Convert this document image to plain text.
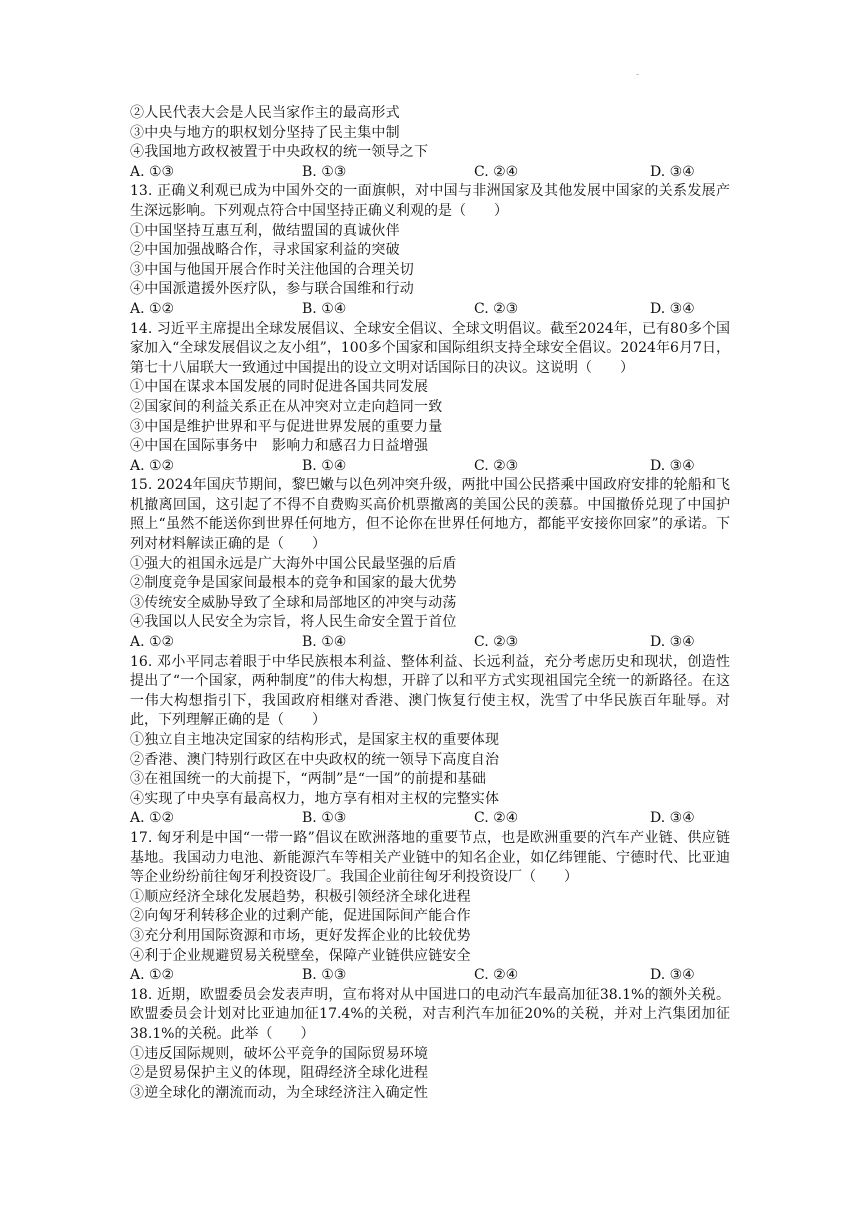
②人民代表大会是人民当家作主的最高形式
③中央与地方的职权划分坚持了民主集中制
④我国地方政权被置于中央政权的统一领导之下
A. ①③	B. ①③	C. ②④	D. ③④
13. 正确义利观已成为中国外交的一面旗帜，对中国与非洲国家及其他发展中国家的关系发展产生深远影响。下列观点符合中国坚持正确义利观的是（　　）
①中国坚持互惠互利，做结盟国的真诚伙伴
②中国加强战略合作，寻求国家利益的突破
③中国与他国开展合作时关注他国的合理关切
④中国派遣援外医疗队，参与联合国维和行动
A. ①②	B. ①④	C. ②③	D. ③④
14. 习近平主席提出全球发展倡议、全球安全倡议、全球文明倡议。截至2024年，已有80多个国家加入“全球发展倡议之友小组”，100多个国家和国际组织支持全球安全倡议。2024年6月7日，第七十八届联大一致通过中国提出的设立文明对话国际日的决议。这说明（　　）
①中国在谋求本国发展的同时促进各国共同发展
②国家间的利益关系正在从冲突对立走向趋同一致
③中国是维护世界和平与促进世界发展的重要力量
④中国在国际事务中　影响力和感召力日益增强
A. ①②	B. ①④	C. ②③	D. ③④
15. 2024年国庆节期间，黎巴嫩与以色列冲突升级，两批中国公民搭乘中国政府安排的轮船和飞机撤离回国，这引起了不得不自费购买高价机票撤离的美国公民的羡慕。中国撤侨兑现了中国护照上“虽然不能送你到世界任何地方，但不论你在世界任何地方，都能平安接你回家”的承诺。下列对材料解读正确的是（　　）
①强大的祖国永远是广大海外中国公民最坚强的后盾
②制度竞争是国家间最根本的竞争和国家的最大优势
③传统安全威胁导致了全球和局部地区的冲突与动荡
④我国以人民安全为宗旨，将人民生命安全置于首位
A. ①②	B. ①④	C. ②③	D. ③④
16. 邓小平同志着眼于中华民族根本利益、整体利益、长远利益，充分考虑历史和现状，创造性提出了“一个国家，两种制度”的伟大构想，开辟了以和平方式实现祖国完全统一的新路径。在这一伟大构想指引下，我国政府相继对香港、澳门恢复行使主权，洗雪了中华民族百年耻辱。对此，下列理解正确的是（　　）
①独立自主地决定国家的结构形式，是国家主权的重要体现
②香港、澳门特别行政区在中央政权的统一领导下高度自治
③在祖国统一的大前提下，“两制”是“一国”的前提和基础
④实现了中央享有最高权力，地方享有相对主权的完整实体
A. ①②	B. ①③	C. ②④	D. ③④
17. 匈牙利是中国“一带一路”倡议在欧洲落地的重要节点，也是欧洲重要的汽车产业链、供应链基地。我国动力电池、新能源汽车等相关产业链中的知名企业，如亿纬锂能、宁德时代、比亚迪等企业纷纷前往匈牙利投资设厂。我国企业前往匈牙利投资设厂（　　）
①顺应经济全球化发展趋势，积极引领经济全球化进程
②向匈牙利转移企业的过剩产能，促进国际间产能合作
③充分利用国际资源和市场，更好发挥企业的比较优势
④利于企业规避贸易关税壁垒，保障产业链供应链安全
A. ①②	B. ①③	C. ②④	D. ③④
18. 近期，欧盟委员会发表声明，宣布将对从中国进口的电动汽车最高加征38.1%的额外关税。欧盟委员会计划对比亚迪加征17.4%的关税，对吉利汽车加征20%的关税，并对上汽集团加征38.1%的关税。此举（　　）
①违反国际规则，破坏公平竞争的国际贸易环境
②是贸易保护主义的体现，阻碍经济全球化进程
③逆全球化的潮流而动，为全球经济注入确定性
